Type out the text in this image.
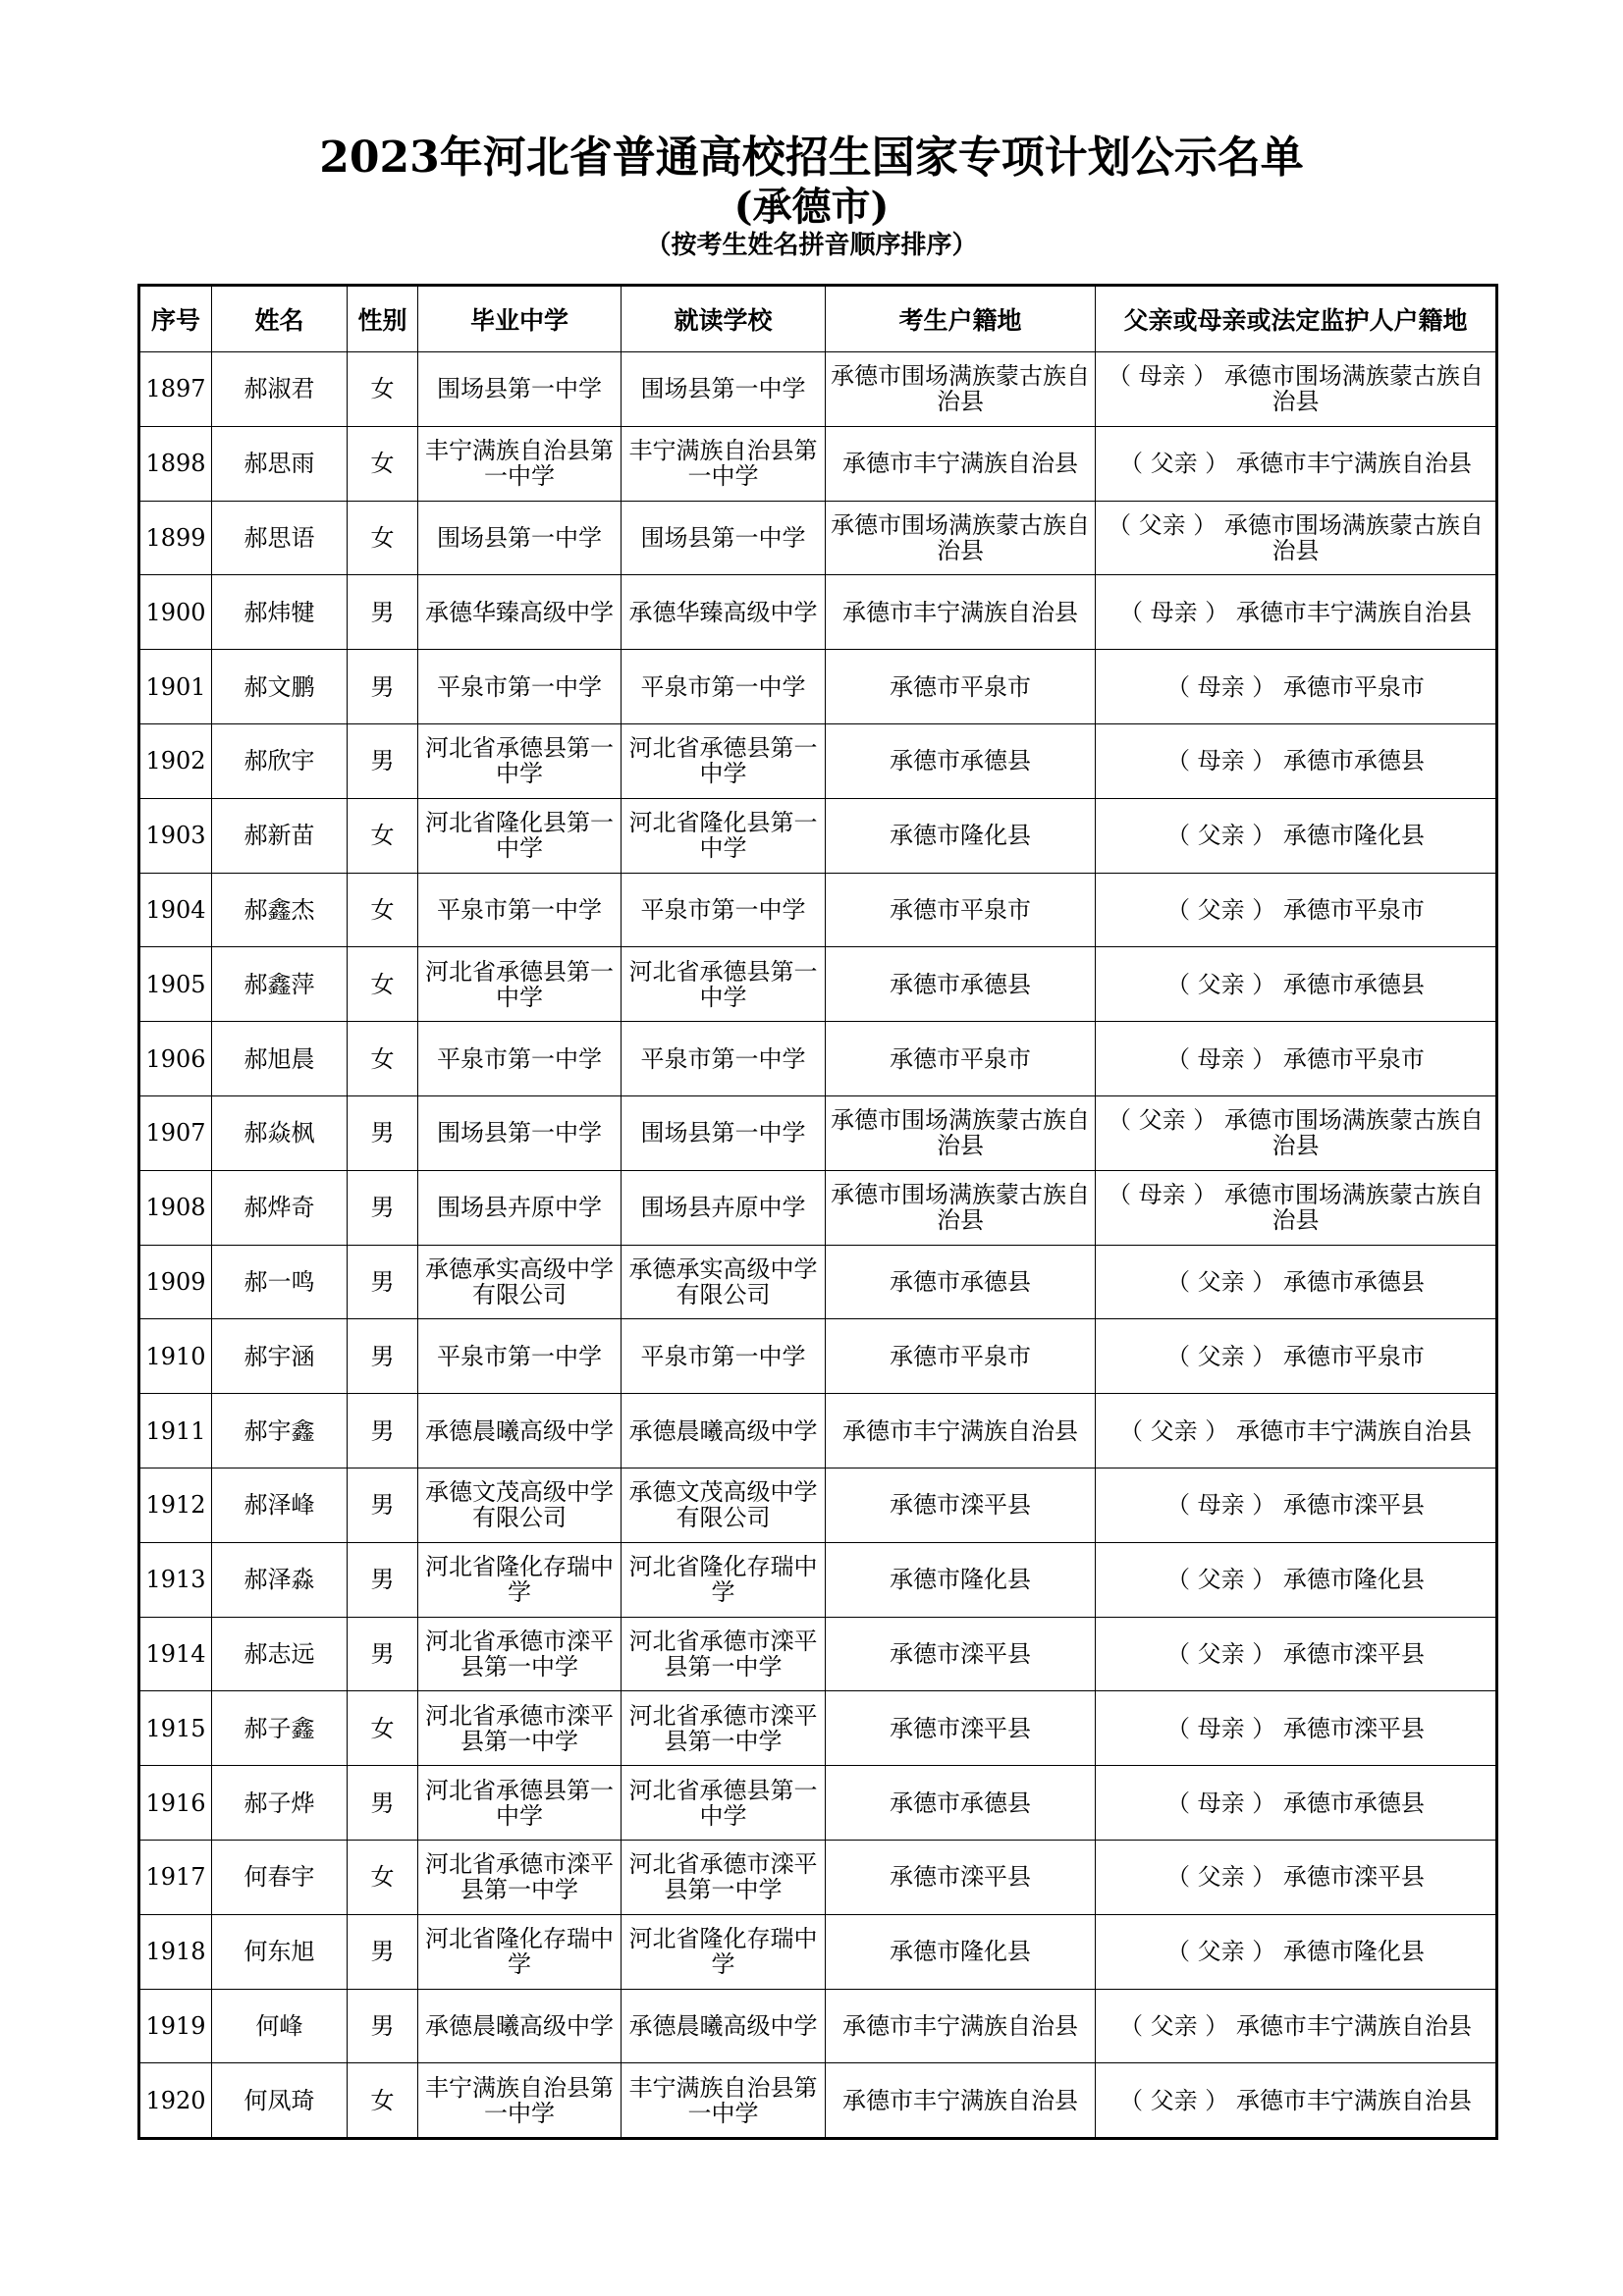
2023年河北省普通高校招生国家专项计划公示名单
(承德市)
（按考生姓名拼音顺序排序）
序号	姓名	性别	毕业中学	就读学校	考生户籍地	父亲或母亲或法定监护人户籍地
1897	郝淑君	女	围场县第一中学	围场县第一中学	承德市围场满族蒙古族自治县	（ 母亲 ） 承德市围场满族蒙古族自治县
1898	郝思雨	女	丰宁满族自治县第一中学	丰宁满族自治县第一中学	承德市丰宁满族自治县	（ 父亲 ） 承德市丰宁满族自治县
1899	郝思语	女	围场县第一中学	围场县第一中学	承德市围场满族蒙古族自治县	（ 父亲 ） 承德市围场满族蒙古族自治县
1900	郝炜犍	男	承德华臻高级中学	承德华臻高级中学	承德市丰宁满族自治县	（ 母亲 ） 承德市丰宁满族自治县
1901	郝文鹏	男	平泉市第一中学	平泉市第一中学	承德市平泉市	（ 母亲 ） 承德市平泉市
1902	郝欣宇	男	河北省承德县第一中学	河北省承德县第一中学	承德市承德县	（ 母亲 ） 承德市承德县
1903	郝新苗	女	河北省隆化县第一中学	河北省隆化县第一中学	承德市隆化县	（ 父亲 ） 承德市隆化县
1904	郝鑫杰	女	平泉市第一中学	平泉市第一中学	承德市平泉市	（ 父亲 ） 承德市平泉市
1905	郝鑫萍	女	河北省承德县第一中学	河北省承德县第一中学	承德市承德县	（ 父亲 ） 承德市承德县
1906	郝旭晨	女	平泉市第一中学	平泉市第一中学	承德市平泉市	（ 母亲 ） 承德市平泉市
1907	郝焱枫	男	围场县第一中学	围场县第一中学	承德市围场满族蒙古族自治县	（ 父亲 ） 承德市围场满族蒙古族自治县
1908	郝烨奇	男	围场县卉原中学	围场县卉原中学	承德市围场满族蒙古族自治县	（ 母亲 ） 承德市围场满族蒙古族自治县
1909	郝一鸣	男	承德承实高级中学有限公司	承德承实高级中学有限公司	承德市承德县	（ 父亲 ） 承德市承德县
1910	郝宇涵	男	平泉市第一中学	平泉市第一中学	承德市平泉市	（ 父亲 ） 承德市平泉市
1911	郝宇鑫	男	承德晨曦高级中学	承德晨曦高级中学	承德市丰宁满族自治县	（ 父亲 ） 承德市丰宁满族自治县
1912	郝泽峰	男	承德文茂高级中学有限公司	承德文茂高级中学有限公司	承德市滦平县	（ 母亲 ） 承德市滦平县
1913	郝泽淼	男	河北省隆化存瑞中学	河北省隆化存瑞中学	承德市隆化县	（ 父亲 ） 承德市隆化县
1914	郝志远	男	河北省承德市滦平县第一中学	河北省承德市滦平县第一中学	承德市滦平县	（ 父亲 ） 承德市滦平县
1915	郝子鑫	女	河北省承德市滦平县第一中学	河北省承德市滦平县第一中学	承德市滦平县	（ 母亲 ） 承德市滦平县
1916	郝子烨	男	河北省承德县第一中学	河北省承德县第一中学	承德市承德县	（ 母亲 ） 承德市承德县
1917	何春宇	女	河北省承德市滦平县第一中学	河北省承德市滦平县第一中学	承德市滦平县	（ 父亲 ） 承德市滦平县
1918	何东旭	男	河北省隆化存瑞中学	河北省隆化存瑞中学	承德市隆化县	（ 父亲 ） 承德市隆化县
1919	何峰	男	承德晨曦高级中学	承德晨曦高级中学	承德市丰宁满族自治县	（ 父亲 ） 承德市丰宁满族自治县
1920	何凤琦	女	丰宁满族自治县第一中学	丰宁满族自治县第一中学	承德市丰宁满族自治县	（ 父亲 ） 承德市丰宁满族自治县
